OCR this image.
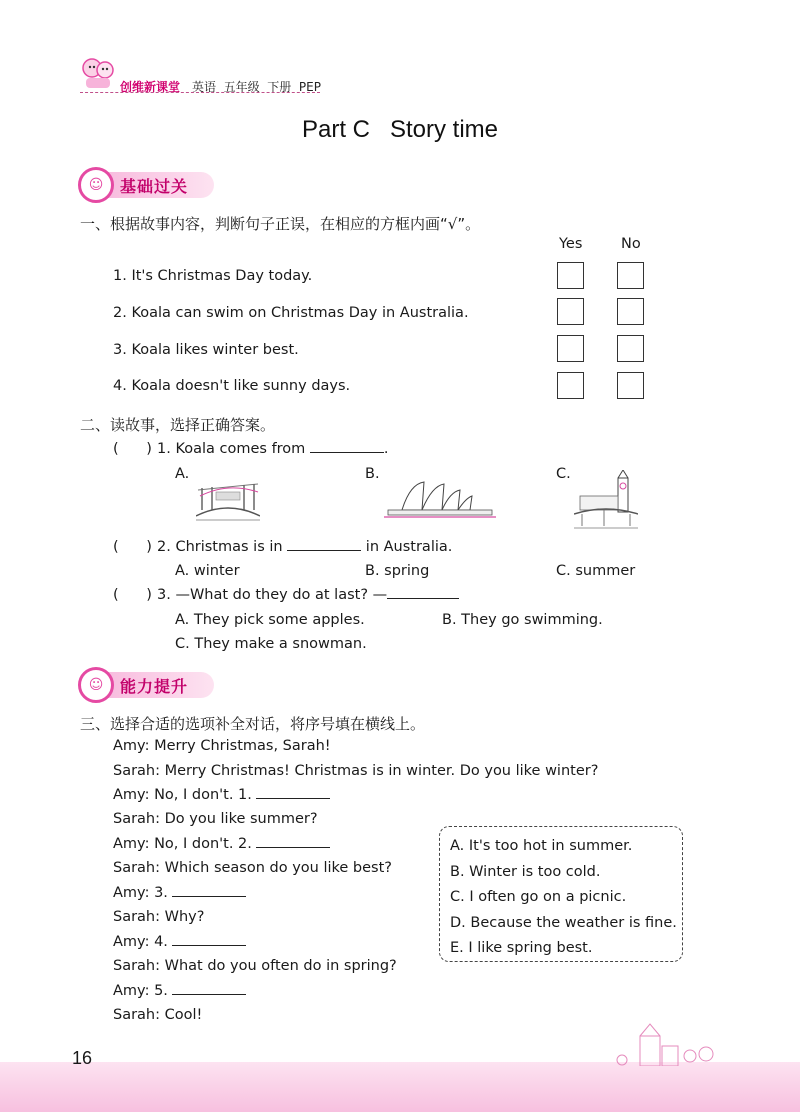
创维新课堂 英语  五年级  下册  PEP
Part C   Story time
☺	基础过关
一、根据故事内容，判断句子正误，在相应的方框内画“√”。
Yes	No
1. It's Christmas Day today.
2. Koala can swim on Christmas Day in Australia.
3. Koala likes winter best.
4. Koala doesn't like sunny days.
二、读故事，选择正确答案。
(      ) 1. Koala comes from	.
A.	B.	C.
(      ) 2. Christmas is in	in Australia.
A. winter	B. spring	C. summer
(      ) 3. —What do they do at last? —
A. They pick some apples.	B. They go swimming.
C. They make a snowman.
☺	能力提升
三、选择合适的选项补全对话，将序号填在横线上。
Amy: Merry Christmas, Sarah!
Sarah: Merry Christmas! Christmas is in winter. Do you like winter?
Amy: No, I don't. 1.
Sarah: Do you like summer?
Amy: No, I don't. 2.
Sarah: Which season do you like best?
Amy: 3.
Sarah: Why?
Amy: 4.
Sarah: What do you often do in spring?
Amy: 5.
Sarah: Cool!
A. It's too hot in summer.
B. Winter is too cold.
C. I often go on a picnic.
D. Because the weather is fine.
E. I like spring best.
16
